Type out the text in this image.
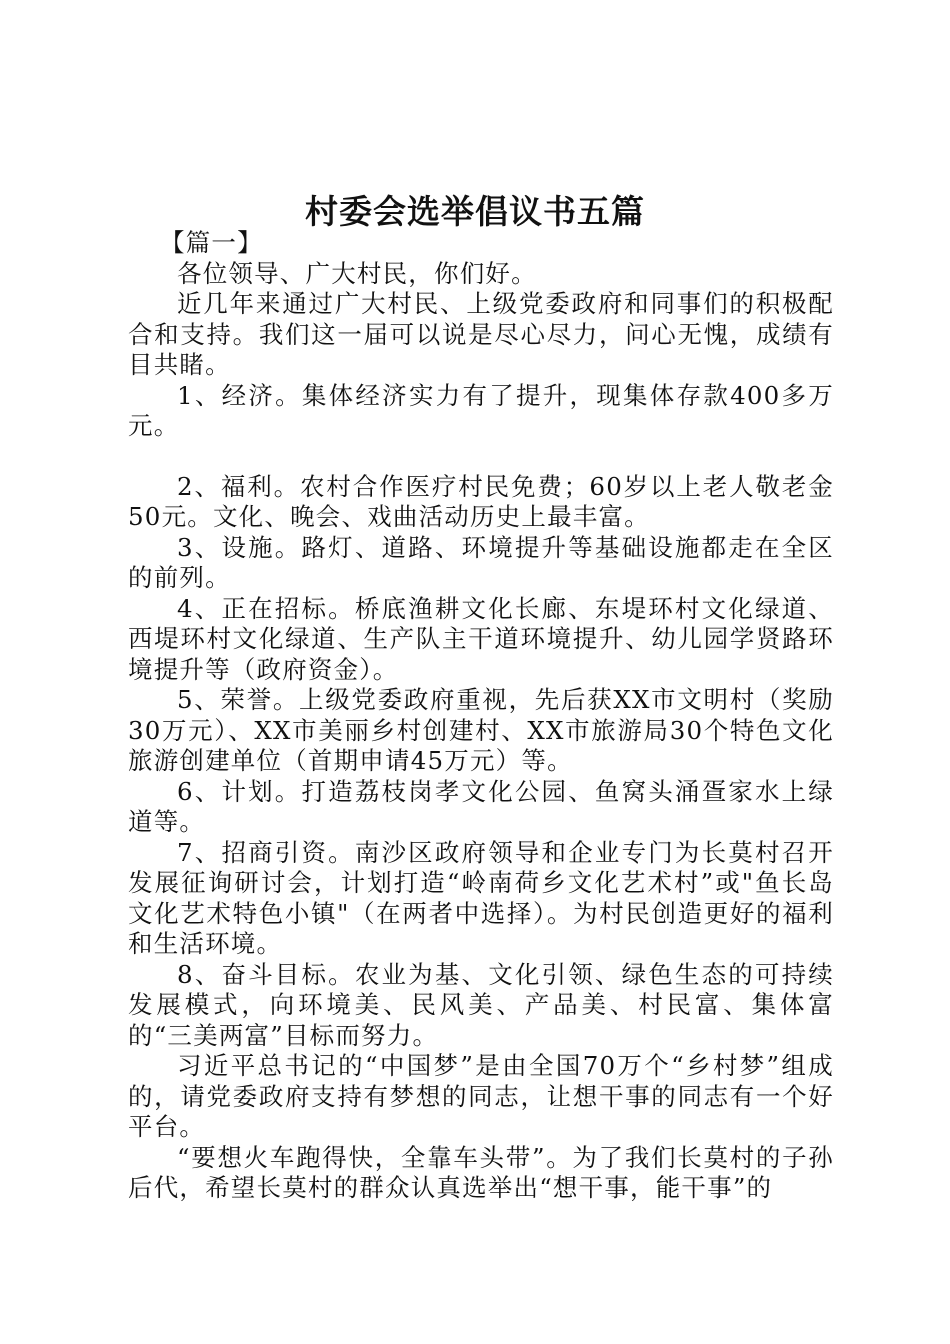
村委会选举倡议书五篇

【篇一】

各位领导、广大村民，你们好。

近几年来通过广大村民、上级党委政府和同事们的积极配合和支持。我们这一届可以说是尽心尽力，问心无愧，成绩有目共睹。

1、经济。集体经济实力有了提升，现集体存款400多万元。

2、福利。农村合作医疗村民免费；60岁以上老人敬老金50元。文化、晚会、戏曲活动历史上最丰富。

3、设施。路灯、道路、环境提升等基础设施都走在全区的前列。

4、正在招标。桥底渔耕文化长廊、东堤环村文化绿道、西堤环村文化绿道、生产队主干道环境提升、幼儿园学贤路环境提升等（政府资金）。

5、荣誉。上级党委政府重视，先后获XX市文明村（奖励30万元）、XX市美丽乡村创建村、XX市旅游局30个特色文化旅游创建单位（首期申请45万元）等。

6、计划。打造荔枝岗孝文化公园、鱼窝头涌疍家水上绿道等。

7、招商引资。南沙区政府领导和企业专门为长莫村召开发展征询研讨会，计划打造“岭南荷乡文化艺术村”或"鱼长岛文化艺术特色小镇"（在两者中选择）。为村民创造更好的福利和生活环境。

8、奋斗目标。农业为基、文化引领、绿色生态的可持续发展模式，向环境美、民风美、产品美、村民富、集体富的“三美两富”目标而努力。

习近平总书记的“中国梦”是由全国70万个“乡村梦”组成的，请党委政府支持有梦想的同志，让想干事的同志有一个好平台。

“要想火车跑得快，全靠车头带”。为了我们长莫村的子孙后代，希望长莫村的群众认真选举出“想干事，能干事”的
